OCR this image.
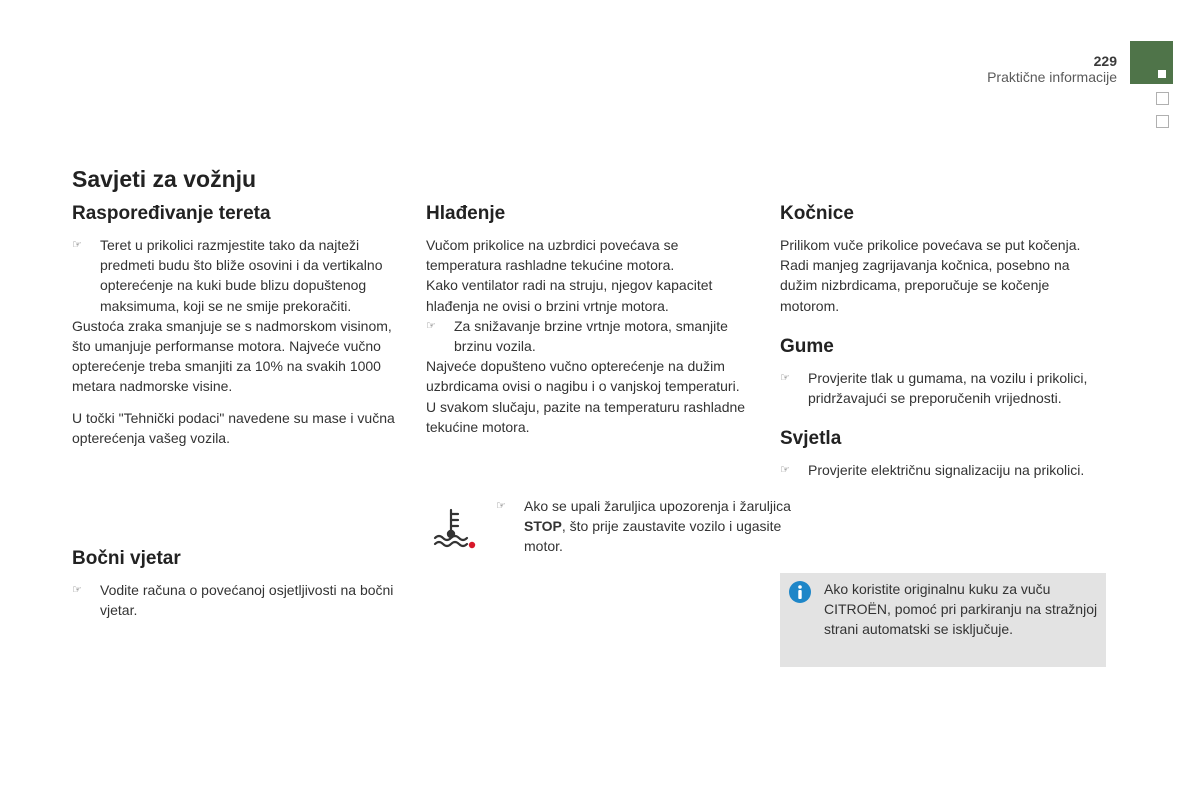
229
Praktične informacije
Savjeti za vožnju
Raspoređivanje tereta
☞ Teret u prikolici razmjestite tako da najteži predmeti budu što bliže osovini i da vertikalno opterećenje na kuki bude blizu dopuštenog maksimuma, koji se ne smije prekoračiti.

Gustoća zraka smanjuje se s nadmorskom visinom, što umanjuje performanse motora. Najveće vučno opterećenje treba smanjiti za 10% na svakih 1000 metara nadmorske visine.

U točki "Tehnički podaci" navedene su mase i vučna opterećenja vašeg vozila.

Bočni vjetar
☞ Vodite računa o povećanoj osjetljivosti na bočni vjetar.
Hlađenje

Vučom prikolice na uzbrdici povećava se temperatura rashladne tekućine motora.

Kako ventilator radi na struju, njegov kapacitet hlađenja ne ovisi o brzini vrtnje motora.

☞ Za snižavanje brzine vrtnje motora, smanjite brzinu vozila.

Najveće dopušteno vučno opterećenje na dužim uzbrdicama ovisi o nagibu i o vanjskoj temperaturi.

U svakom slučaju, pazite na temperaturu rashladne tekućine motora.

☞ Ako se upali žaruljica upozorenja i žaruljica STOP, što prije zaustavite vozilo i ugasite motor.
Kočnice

Prilikom vuče prikolice povećava se put kočenja.

Radi manjeg zagrijavanja kočnica, posebno na dužim nizbrdicama, preporučuje se kočenje motorom.

Gume
☞ Provjerite tlak u gumama, na vozilu i prikolici, pridržavajući se preporučenih vrijednosti.
Svjetla
☞ Provjerite električnu signalizaciju na prikolici.

Ako koristite originalnu kuku za vuču CITROËN, pomoć pri parkiranju na stražnjoj strani automatski se isključuje.
